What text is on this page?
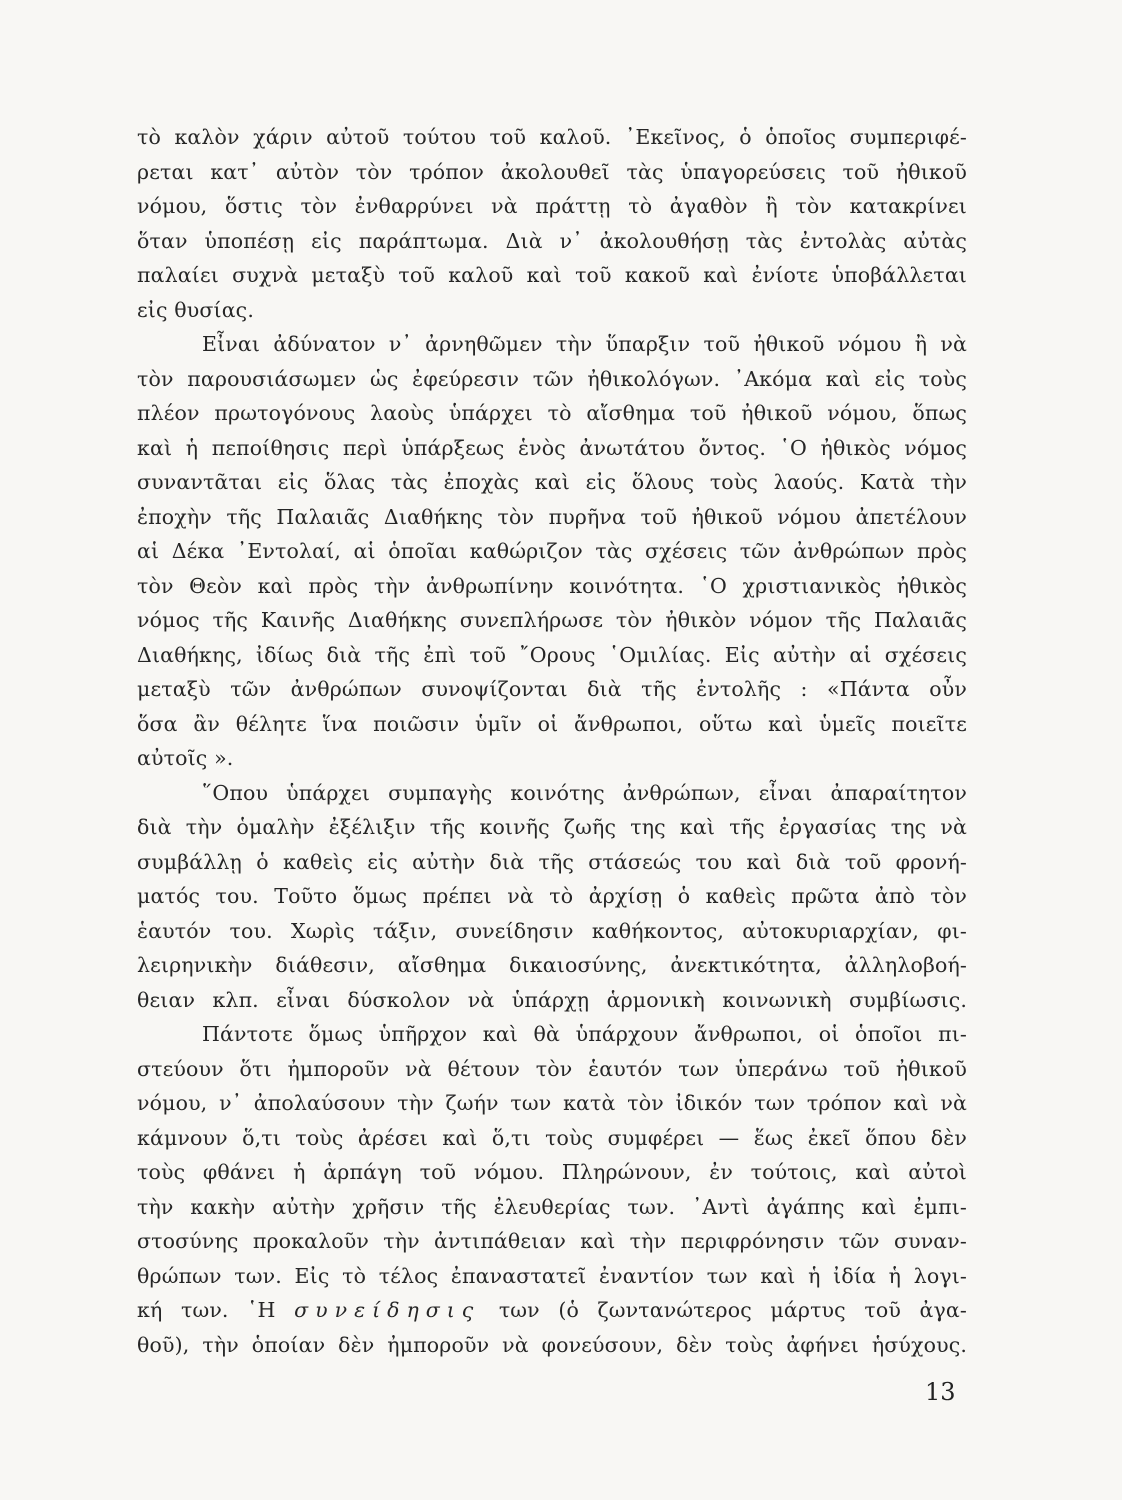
τὸ καλὸν χάριν αὐτοῦ τούτου τοῦ καλοῦ. ᾿Εκεῖνος, ὁ ὁποῖος συμπεριφέ-
ρεται κατ᾿ αὐτὸν τὸν τρόπον ἀκολουθεῖ τὰς ὑπαγορεύσεις τοῦ ἠθικοῦ
νόμου, ὅστις τὸν ἐνθαρρύνει νὰ πράττῃ τὸ ἀγαθὸν ἢ τὸν κατακρίνει
ὅταν ὑποπέσῃ εἰς παράπτωμα. Διὰ ν᾿ ἀκολουθήσῃ τὰς ἐντολὰς αὐτὰς
παλαίει συχνὰ μεταξὺ τοῦ καλοῦ καὶ τοῦ κακοῦ καὶ ἐνίοτε ὑποβάλλεται
εἰς θυσίας.
Εἶναι ἀδύνατον ν᾿ ἀρνηθῶμεν τὴν ὕπαρξιν τοῦ ἠθικοῦ νόμου ἢ νὰ
τὸν παρουσιάσωμεν ὡς ἐφεύρεσιν τῶν ἠθικολόγων. ᾿Ακόμα καὶ εἰς τοὺς
πλέον πρωτογόνους λαοὺς ὑπάρχει τὸ αἴσθημα τοῦ ἠθικοῦ νόμου, ὅπως
καὶ ἡ πεποίθησις περὶ ὑπάρξεως ἑνὸς ἀνωτάτου ὄντος. ῾Ο ἠθικὸς νόμος
συναντᾶται εἰς ὅλας τὰς ἐποχὰς καὶ εἰς ὅλους τοὺς λαούς. Κατὰ τὴν
ἐποχὴν τῆς Παλαιᾶς Διαθήκης τὸν πυρῆνα τοῦ ἠθικοῦ νόμου ἀπετέλουν
αἱ Δέκα ᾿Εντολαί, αἱ ὁποῖαι καθώριζον τὰς σχέσεις τῶν ἀνθρώπων πρὸς
τὸν Θεὸν καὶ πρὸς τὴν ἀνθρωπίνην κοινότητα. ῾Ο χριστιανικὸς ἠθικὸς
νόμος τῆς Καινῆς Διαθήκης συνεπλήρωσε τὸν ἠθικὸν νόμον τῆς Παλαιᾶς
Διαθήκης, ἰδίως διὰ τῆς ἐπὶ τοῦ ῎Ορους ῾Ομιλίας. Εἰς αὐτὴν αἱ σχέσεις
μεταξὺ τῶν ἀνθρώπων συνοψίζονται διὰ τῆς ἐντολῆς : «Πάντα οὖν
ὅσα ἂν θέλητε ἵνα ποιῶσιν ὑμῖν οἱ ἄνθρωποι, οὕτω καὶ ὑμεῖς ποιεῖτε
αὐτοῖς ».
῞Οπου ὑπάρχει συμπαγὴς κοινότης ἀνθρώπων, εἶναι ἀπαραίτητον
διὰ τὴν ὁμαλὴν ἐξέλιξιν τῆς κοινῆς ζωῆς της καὶ τῆς ἐργασίας της νὰ
συμβάλλῃ ὁ καθεὶς εἰς αὐτὴν διὰ τῆς στάσεώς του καὶ διὰ τοῦ φρονή-
ματός του. Τοῦτο ὅμως πρέπει νὰ τὸ ἀρχίσῃ ὁ καθεὶς πρῶτα ἀπὸ τὸν
ἑαυτόν του. Χωρὶς τάξιν, συνείδησιν καθήκοντος, αὐτοκυριαρχίαν, φι-
λειρηνικὴν διάθεσιν, αἴσθημα δικαιοσύνης, ἀνεκτικότητα, ἀλληλοβοή-
θειαν κλπ. εἶναι δύσκολον νὰ ὑπάρχῃ ἁρμονικὴ κοινωνικὴ συμβίωσις.
Πάντοτε ὅμως ὑπῆρχον καὶ θὰ ὑπάρχουν ἄνθρωποι, οἱ ὁποῖοι πι-
στεύουν ὅτι ἠμποροῦν νὰ θέτουν τὸν ἑαυτόν των ὑπεράνω τοῦ ἠθικοῦ
νόμου, ν᾿ ἀπολαύσουν τὴν ζωήν των κατὰ τὸν ἰδικόν των τρόπον καὶ νὰ
κάμνουν ὅ,τι τοὺς ἀρέσει καὶ ὅ,τι τοὺς συμφέρει — ἕως ἐκεῖ ὅπου δὲν
τοὺς φθάνει ἡ ἁρπάγη τοῦ νόμου. Πληρώνουν, ἐν τούτοις, καὶ αὐτοὶ
τὴν κακὴν αὐτὴν χρῆσιν τῆς ἐλευθερίας των. ᾿Αντὶ ἀγάπης καὶ ἐμπι-
στοσύνης προκαλοῦν τὴν ἀντιπάθειαν καὶ τὴν περιφρόνησιν τῶν συναν-
θρώπων των. Εἰς τὸ τέλος ἐπαναστατεῖ ἐναντίον των καὶ ἡ ἰδία ἡ λογι-
κή των. ῾Η συνείδησις των (ὁ ζωντανώτερος μάρτυς τοῦ ἀγα-
θοῦ), τὴν ὁποίαν δὲν ἠμποροῦν νὰ φονεύσουν, δὲν τοὺς ἀφήνει ἡσύχους.
13
